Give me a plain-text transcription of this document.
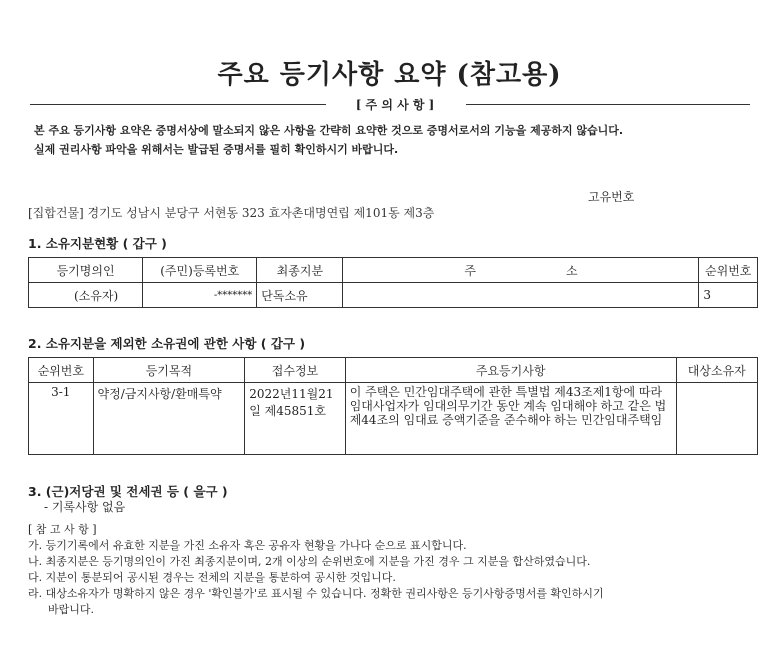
주요 등기사항 요약 (참고용)
[ 주 의 사 항 ]
본 주요 등기사항 요약은 증명서상에 말소되지 않은 사항을 간략히 요약한 것으로 증명서로서의 기능을 제공하지 않습니다.
실제 권리사항 파악을 위해서는 발급된 증명서를 필히 확인하시기 바랍니다.
고유번호
[집합건물] 경기도 성남시 분당구 서현동 323 효자촌대명연립 제101동 제3층
1. 소유지분현황 ( 갑구 )
등기명의인	(주민)등록번호	최종지분	주 소	순위번호
(소유자)	-*******	단독소유		3
2. 소유지분을 제외한 소유권에 관한 사항 ( 갑구 )
순위번호	등기목적	접수정보	주요등기사항	대상소유자
3-1	약정/금지사항/환매특약	2022년11월21일 제45851호	이 주택은 민간임대주택에 관한 특별법 제43조제1항에 따라 임대사업자가 임대의무기간 동안 계속 임대해야 하고 같은 법 제44조의 임대료 증액기준을 준수해야 하는 민간임대주택임	
3. (근)저당권 및 전세권 등 ( 을구 )
- 기록사항 없음
[ 참 고 사 항 ]
가. 등기기록에서 유효한 지분을 가진 소유자 혹은 공유자 현황을 가나다 순으로 표시합니다.
나. 최종지분은 등기명의인이 가진 최종지분이며, 2개 이상의 순위번호에 지분을 가진 경우 그 지분을 합산하였습니다.
다. 지분이 통분되어 공시된 경우는 전체의 지분을 통분하여 공시한 것입니다.
라. 대상소유자가 명확하지 않은 경우 '확인불가'로 표시될 수 있습니다. 정확한 권리사항은 등기사항증명서를 확인하시기
바랍니다.
